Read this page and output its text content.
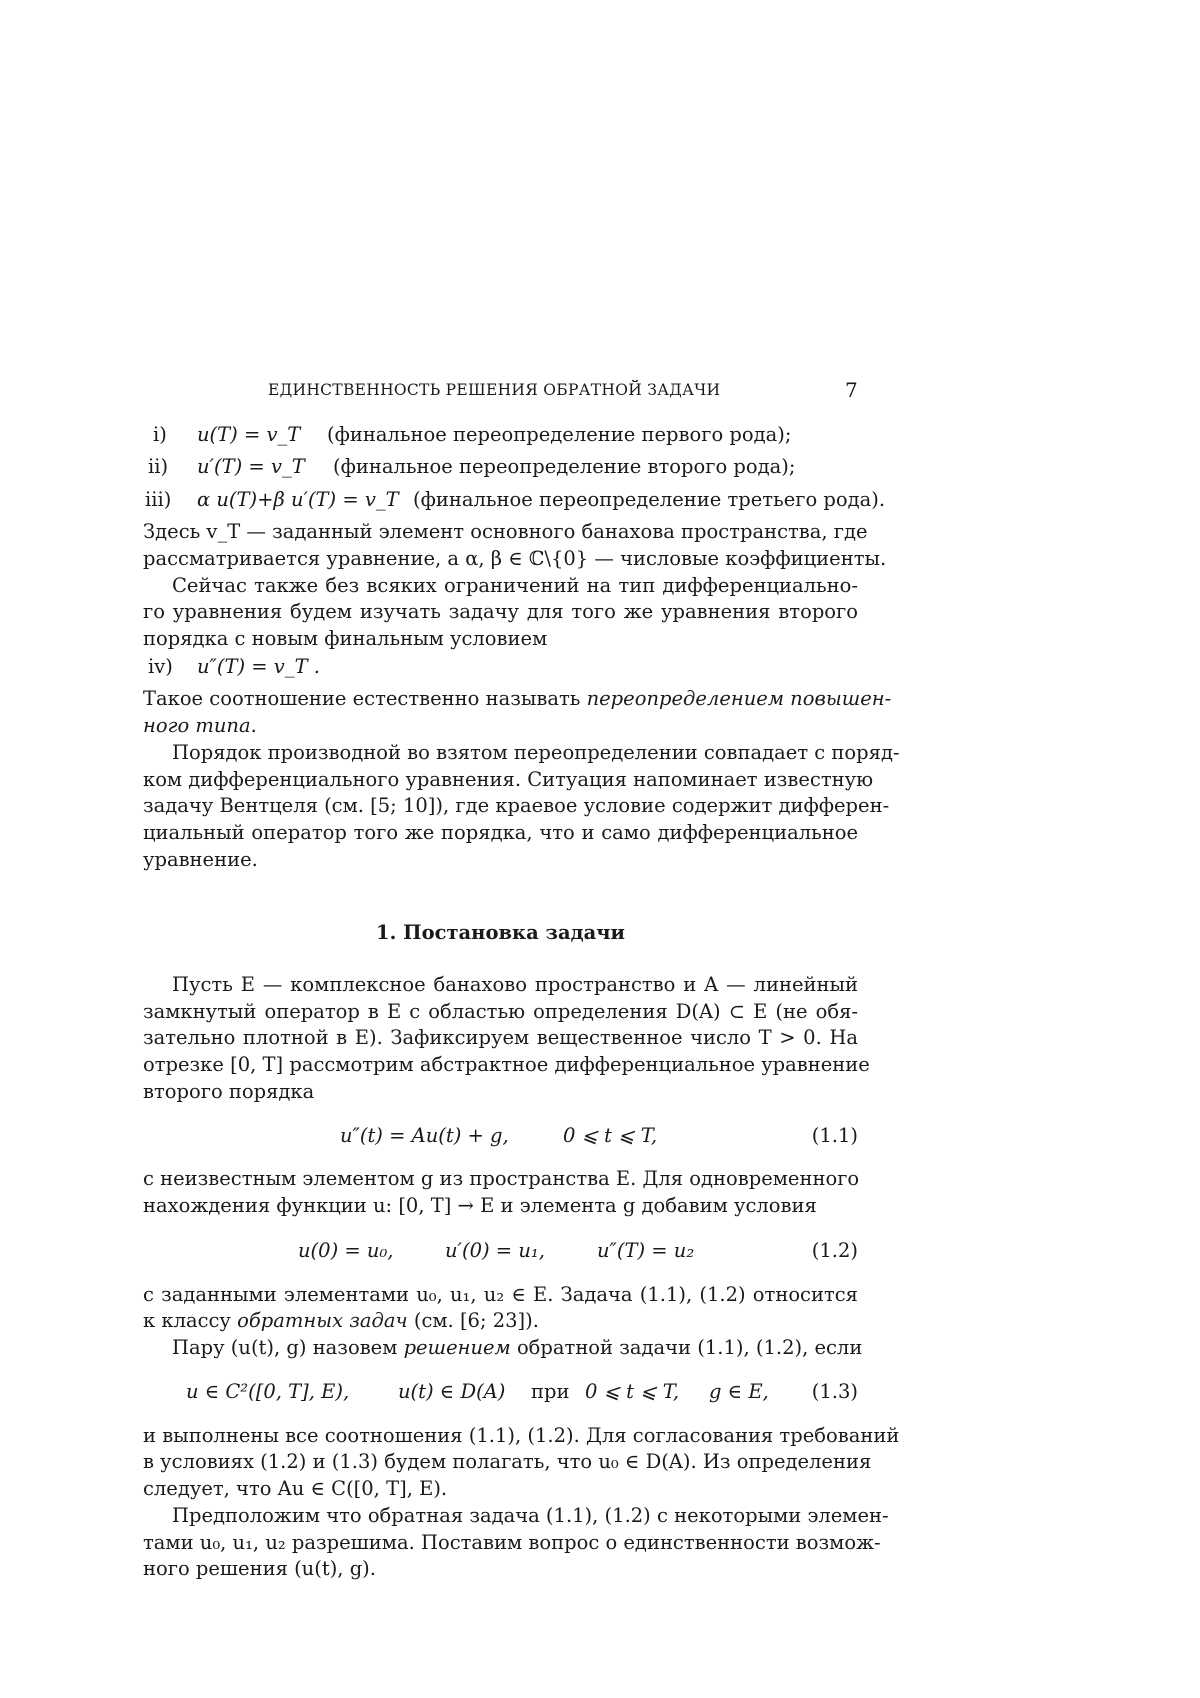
ЕДИНСТВЕННОСТЬ РЕШЕНИЯ ОБРАТНОЙ ЗАДАЧИ	7
i) u(T) = v_T (финальное переопределение первого рода);
ii) u′(T) = v_T (финальное переопределение второго рода);
iii) α u(T)+β u′(T) = v_T (финальное переопределение третьего рода).
Здесь v_T — заданный элемент основного банахова пространства, где
рассматривается уравнение, а α, β ∈ ℂ\{0} — числовые коэффициенты.
Сейчас также без всяких ограничений на тип дифференциально-
го уравнения будем изучать задачу для того же уравнения второго
порядка с новым финальным условием
iv) u″(T) = v_T .
Такое соотношение естественно называть переопределением повышен-
ного типа.
Порядок производной во взятом переопределении совпадает с поряд-
ком дифференциального уравнения. Ситуация напоминает известную
задачу Вентцеля (см. [5; 10]), где краевое условие содержит дифферен-
циальный оператор того же порядка, что и само дифференциальное
уравнение.
1. Постановка задачи
Пусть E — комплексное банахово пространство и A — линейный
замкнутый оператор в E с областью определения D(A) ⊂ E (не обя-
зательно плотной в E). Зафиксируем вещественное число T > 0. На
отрезке [0, T] рассмотрим абстрактное дифференциальное уравнение
второго порядка
u″(t) = Au(t) + g,	0 ⩽ t ⩽ T,	(1.1)
с неизвестным элементом g из пространства E. Для одновременного
нахождения функции u: [0, T] → E и элемента g добавим условия
u(0) = u₀,	u′(0) = u₁,	u″(T) = u₂	(1.2)
с заданными элементами u₀, u₁, u₂ ∈ E. Задача (1.1), (1.2) относится
к классу обратных задач (см. [6; 23]).
Пару (u(t), g) назовем решением обратной задачи (1.1), (1.2), если
u ∈ C²([0, T], E),	u(t) ∈ D(A) при 0 ⩽ t ⩽ T, g ∈ E, (1.3)
и выполнены все соотношения (1.1), (1.2). Для согласования требований
в условиях (1.2) и (1.3) будем полагать, что u₀ ∈ D(A). Из определения
следует, что Au ∈ C([0, T], E).
Предположим что обратная задача (1.1), (1.2) с некоторыми элемен-
тами u₀, u₁, u₂ разрешима. Поставим вопрос о единственности возмож-
ного решения (u(t), g).
